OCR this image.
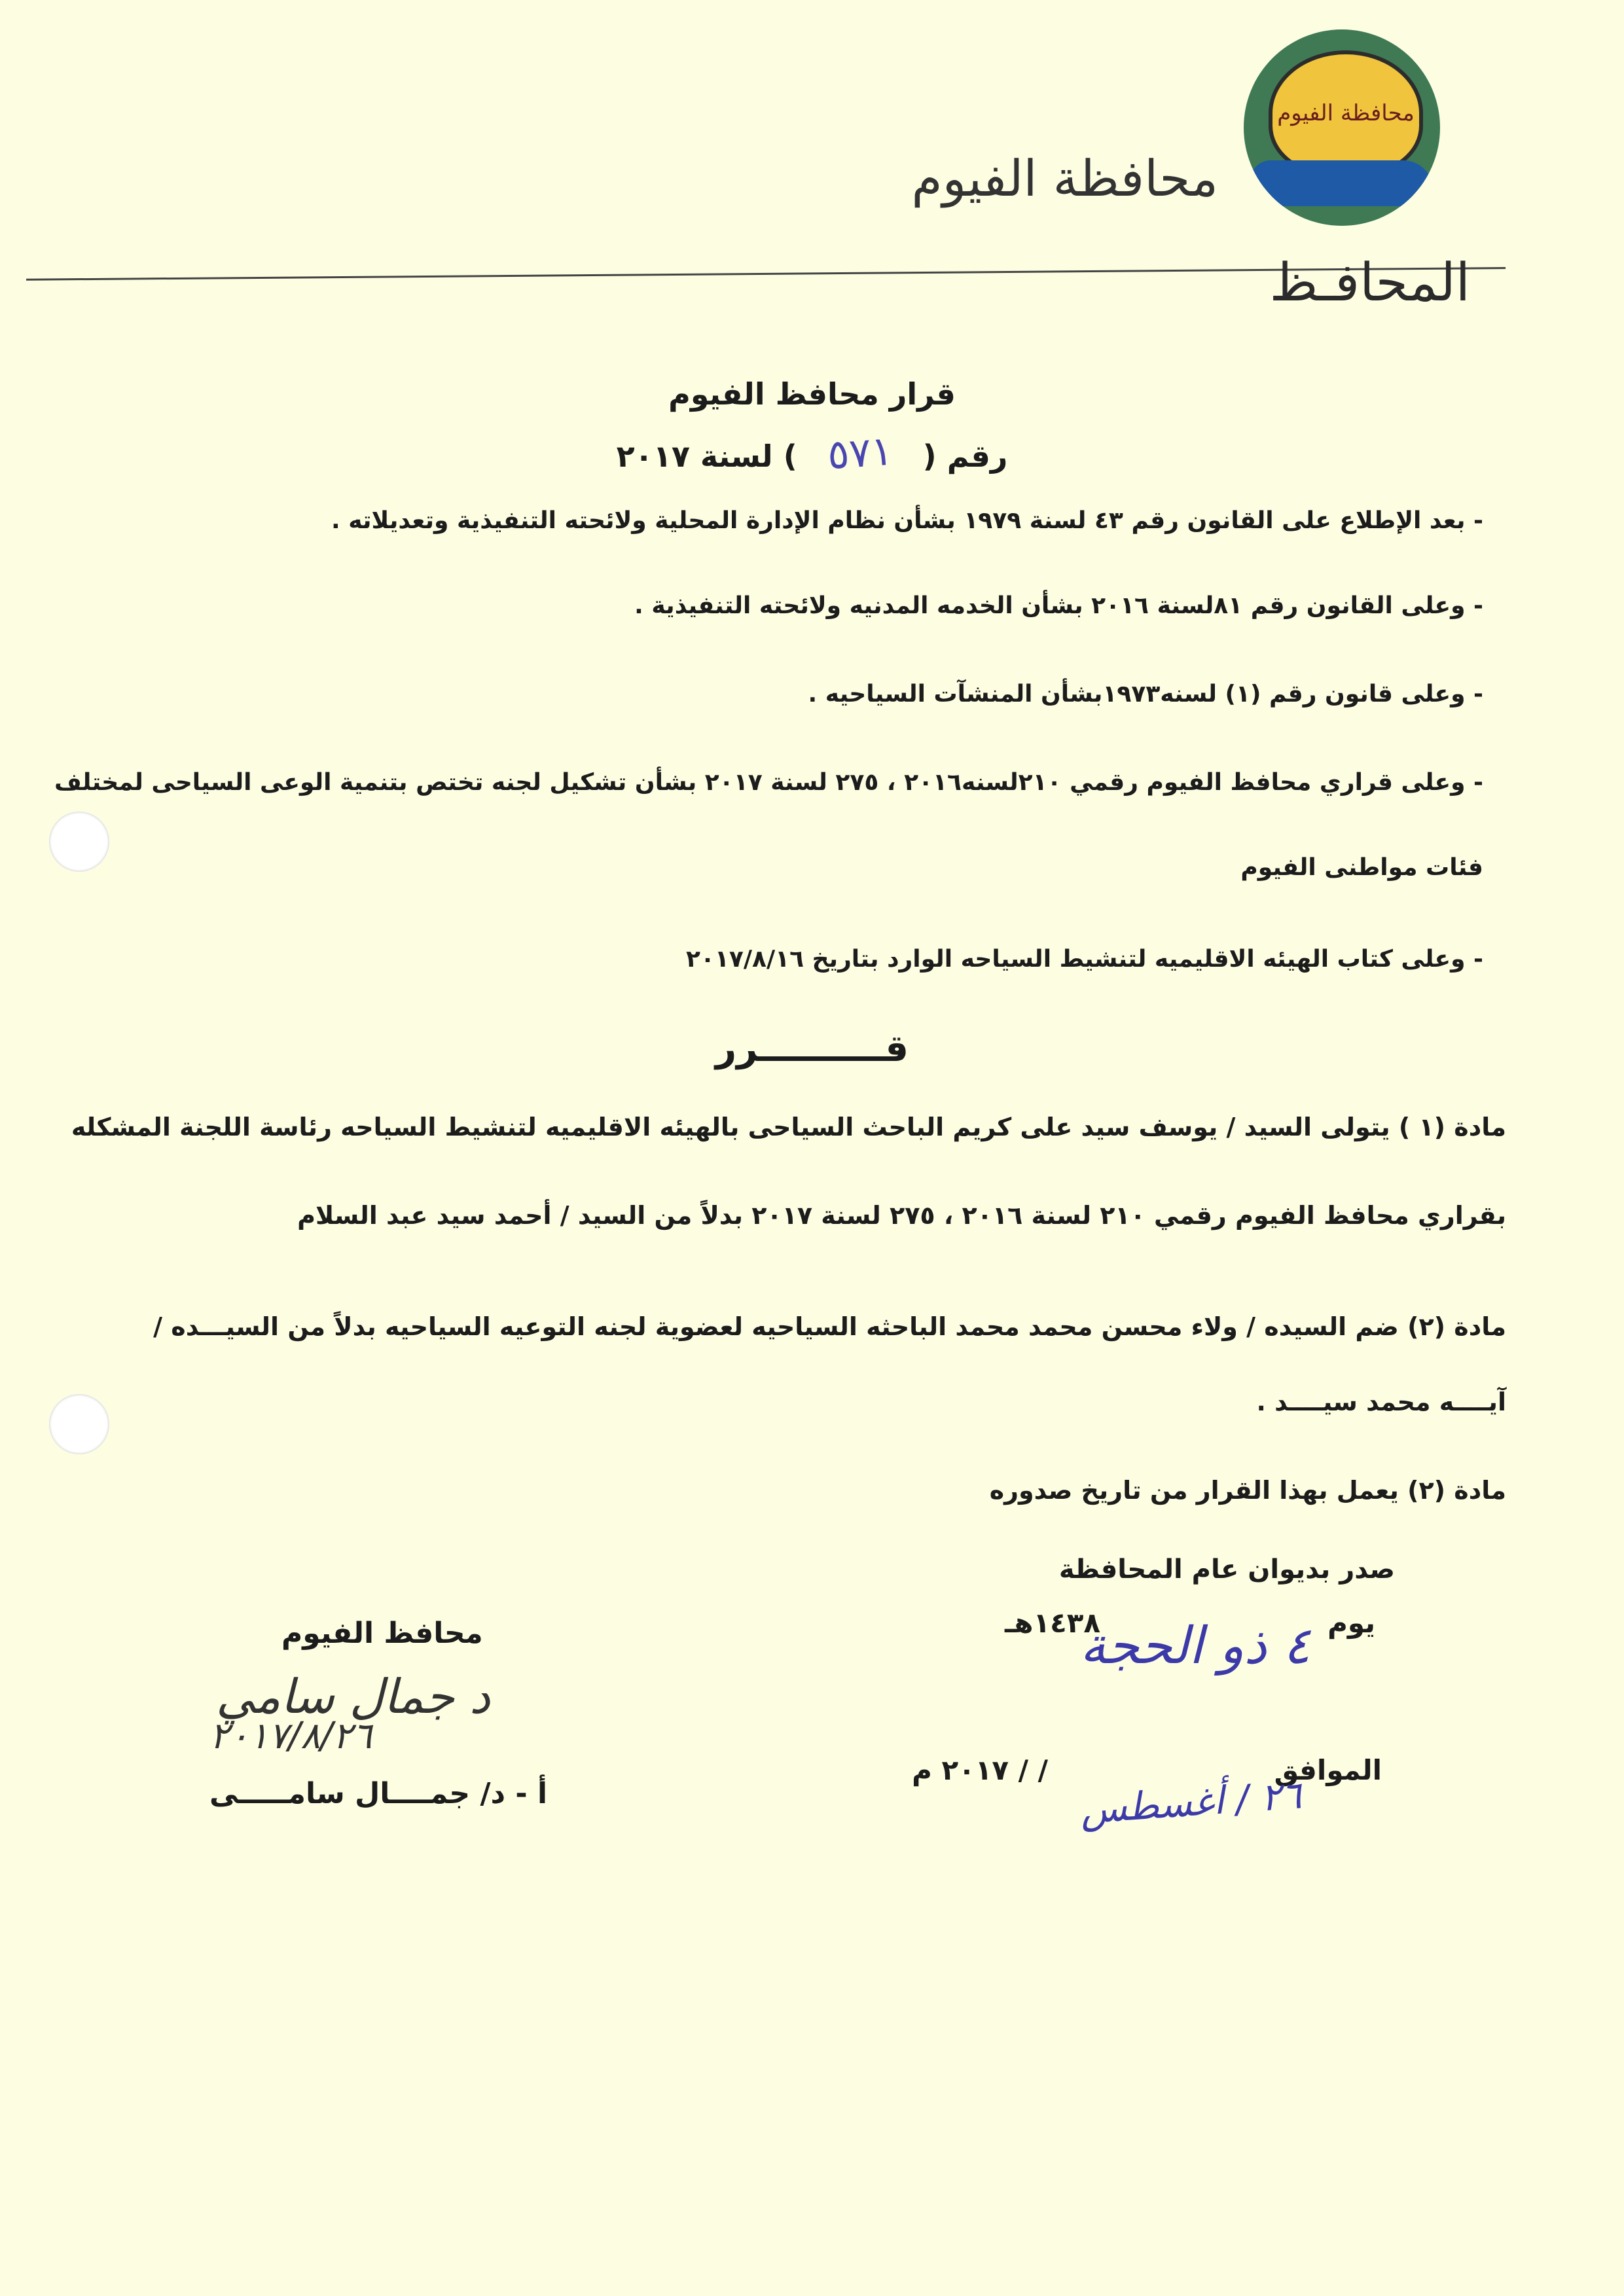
محافظة الفيوم
محافظة الفيوم
المحافـظ
قرار محافظ الفيوم
رقم ( ٥٧١ ) لسنة ٢٠١٧
- بعد الإطلاع على القانون رقم ٤٣ لسنة ١٩٧٩ بشأن نظام الإدارة المحلية ولائحته التنفيذية وتعديلاته .
- وعلى القانون رقم ٨١لسنة ٢٠١٦ بشأن الخدمه المدنيه ولائحته التنفيذية .
- وعلى قانون رقم (١) لسنه١٩٧٣بشأن المنشآت السياحيه .
- وعلى قراري محافظ الفيوم رقمي ٢١٠لسنه٢٠١٦ ، ٢٧٥ لسنة ٢٠١٧ بشأن تشكيل لجنه تختص بتنمية الوعى السياحى لمختلف
فئات مواطنى الفيوم
- وعلى كتاب الهيئه الاقليميه لتنشيط السياحه الوارد بتاريخ ٢٠١٧/٨/١٦
قــــــــــرر
مادة (١ ) يتولى السيد / يوسف سيد على كريم الباحث السياحى بالهيئه الاقليميه لتنشيط السياحه رئاسة اللجنة المشكله
بقراري محافظ الفيوم رقمي ٢١٠ لسنة ٢٠١٦ ، ٢٧٥ لسنة ٢٠١٧ بدلاً من السيد / أحمد سيد عبد السلام
مادة (٢) ضم السيده / ولاء محسن محمد محمد الباحثه السياحيه لعضوية لجنه التوعيه السياحيه بدلاً من السيـــده /
آيــــه محمد سيــــد .
مادة (٢) يعمل بهذا القرار من تاريخ صدوره
صدر بديوان عام المحافظة
يوم
١٤٣٨هـ
٤ ذو الحجة
الموافق
/ / ٢٠١٧ م
٢٦ / أغسطس
محافظ الفيوم
د جمال سامي
٢٠١٧/٨/٢٦
أ - د/ جمــــال سامـــــى
